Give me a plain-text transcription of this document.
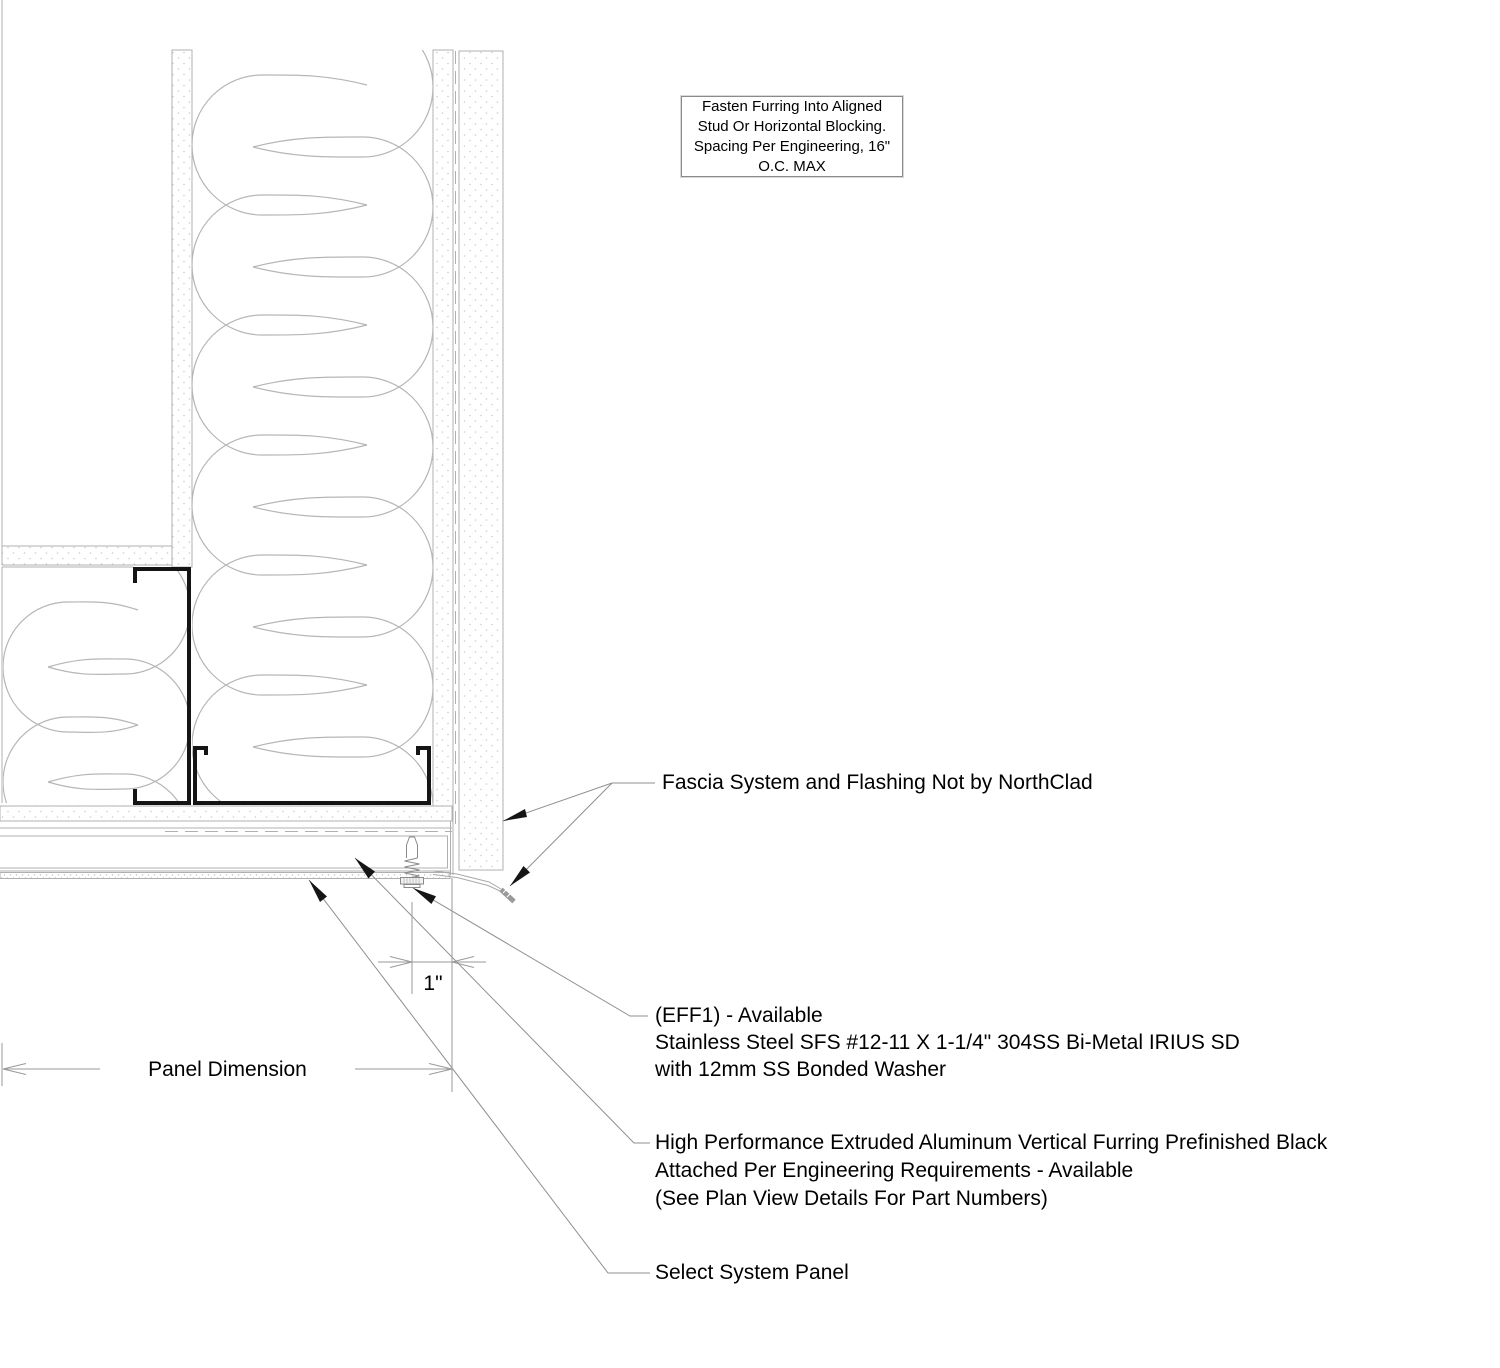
Fasten Furring Into Aligned
Stud Or Horizontal Blocking.
Spacing Per Engineering, 16"
O.C. MAX
Fascia System and Flashing Not by NorthClad
(EFF1) - Available
Stainless Steel SFS #12-11 X 1-1/4" 304SS Bi-Metal IRIUS SD
with 12mm SS Bonded Washer
High Performance Extruded Aluminum Vertical Furring Prefinished Black
Attached Per Engineering Requirements - Available
(See Plan View Details For Part Numbers)
Select System Panel
Panel Dimension
1"
